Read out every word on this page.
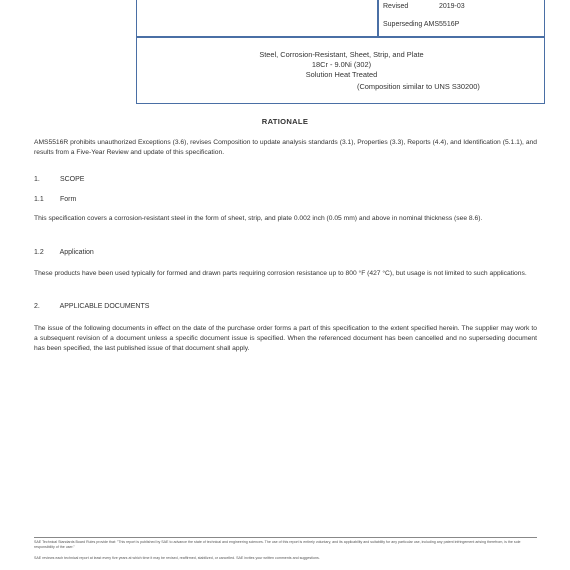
Revised	2019-03
Superseding AMS5516P
Steel, Corrosion-Resistant, Sheet, Strip, and Plate
18Cr - 9.0Ni (302)
Solution Heat Treated
(Composition similar to UNS S30200)
RATIONALE
AMS5516R prohibits unauthorized Exceptions (3.6), revises Composition to update analysis standards (3.1), Properties (3.3), Reports (4.4), and Identification (5.1.1), and results from a Five-Year Review and update of this specification.
1.	SCOPE
1.1 Form
This specification covers a corrosion-resistant steel in the form of sheet, strip, and plate 0.002 inch (0.05 mm) and above in nominal thickness (see 8.6).
1.2 Application
These products have been used typically for formed and drawn parts requiring corrosion resistance up to 800 °F (427 °C), but usage is not limited to such applications.
2.	APPLICABLE DOCUMENTS
The issue of the following documents in effect on the date of the purchase order forms a part of this specification to the extent specified herein. The supplier may work to a subsequent revision of a document unless a specific document issue is specified. When the referenced document has been cancelled and no superseding document has been specified, the last published issue of that document shall apply.
SAE Technical Standards Board Rules provide that: "This report is published by SAE to advance the state of technical and engineering sciences. The use of this report is entirely voluntary, and its applicability and suitability for any particular use, including any patent infringement arising therefrom, is the sole responsibility of the user."
SAE reviews each technical report at least every five years at which time it may be revised, reaffirmed, stabilized, or cancelled. SAE invites your written comments and suggestions.
